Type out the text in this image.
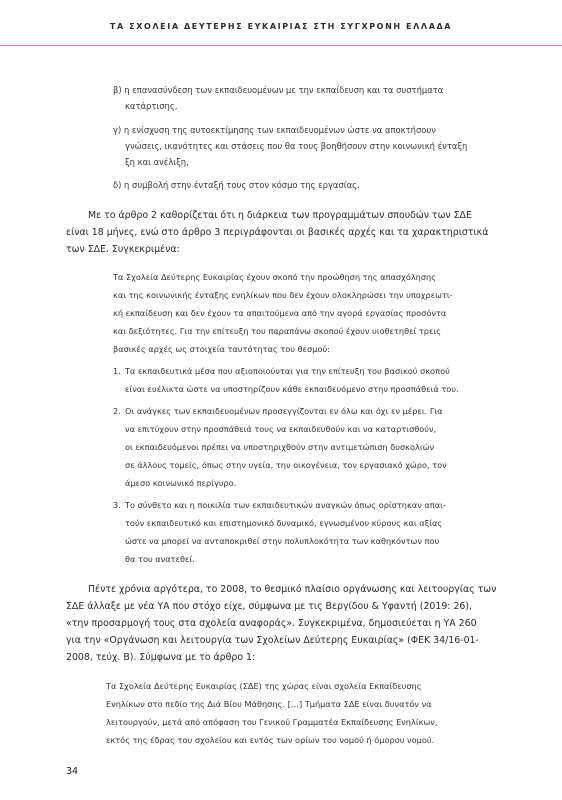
ΤΑ ΣΧΟΛΕΙΑ ΔΕΥΤΕΡΗΣ ΕΥΚΑΙΡΙΑΣ ΣΤΗ ΣΥΓΧΡΟΝΗ ΕΛΛΑΔΑ
β) η επανασύνδεση των εκπαιδευομένων με την εκπαίδευση και τα συστήματα
κατάρτισης,
γ) η ενίσχυση της αυτοεκτίμησης των εκπαιδευομένων ώστε να αποκτήσουν
γνώσεις, ικανότητες και στάσεις που θα τους βοηθήσουν στην κοινωνική ένταξη
ξη και ανέλιξη,
δ) η συμβολή στην ένταξή τους στον κόσμο της εργασίας.
Με το άρθρο 2 καθορίζεται ότι η διάρκεια των προγραμμάτων σπουδών των ΣΔΕ
είναι 18 μήνες, ενώ στο άρθρο 3 περιγράφονται οι βασικές αρχές και τα χαρακτηριστικά
των ΣΔΕ. Συγκεκριμένα:
Τα Σχολεία Δεύτερης Ευκαιρίας έχουν σκοπό την προώθηση της απασχόλησης
και της κοινωνικής ένταξης ενηλίκων που δεν έχουν ολοκληρώσει την υποχρεωτι-
κή εκπαίδευση και δεν έχουν τα απαιτούμενα από την αγορά εργασίας προσόντα
και δεξιότητες. Για την επίτευξη του παραπάνω σκοπού έχουν υιοθετηθεί τρεις
βασικές αρχές ως στοιχεία ταυτότητας του θεσμού:
1. Τα εκπαιδευτικά μέσα που αξιοποιούνται για την επίτευξη του βασικού σκοπού
είναι ευέλικτα ώστε να υποστηρίζουν κάθε εκπαιδευόμενο στην προσπάθειά του.
2. Οι ανάγκες των εκπαιδευομένων προσεγγίζονται εν όλω και όχι εν μέρει. Για
να επιτύχουν στην προσπάθειά τους να εκπαιδευθούν και να καταρτισθούν,
οι εκπαιδευόμενοι πρέπει να υποστηριχθούν στην αντιμετώπιση δυσκολιών
σε άλλους τομείς, όπως στην υγεία, την οικογένεια, τον εργασιακό χώρο, τον
άμεσο κοινωνικό περίγυρο.
3. Το σύνθετο και η ποικιλία των εκπαιδευτικών αναγκών όπως ορίστηκαν απαι-
τούν εκπαιδευτικό και επιστημονικό δυναμικό, εγνωσμένου κύρους και αξίας
ώστε να μπορεί να ανταποκριθεί στην πολυπλοκότητα των καθηκόντων που
θα του ανατεθεί.
Πέντε χρόνια αργότερα, το 2008, το θεσμικό πλαίσιο οργάνωσης και λειτουργίας των
ΣΔΕ άλλαξε με νέα ΥΑ που στόχο είχε, σύμφωνα με τις Βεργίδου & Υφαντή (2019: 26),
«την προσαρμογή τους στα σχολεία αναφοράς». Συγκεκριμένα, δημοσιεύεται η ΥΑ 260
για την «Οργάνωση και λειτουργία των Σχολείων Δεύτερης Ευκαιρίας» (ΦΕΚ 34/16-01-
2008, τεύχ. Β). Σύμφωνα με το άρθρο 1:
Τα Σχολεία Δεύτερης Ευκαιρίας (ΣΔΕ) της χώρας είναι σχολεία Εκπαίδευσης
Ενηλίκων στο πεδίο της Διά Βίου Μάθησης. […] Τμήματα ΣΔΕ είναι δυνατόν να
λειτουργούν, μετά από απόφαση του Γενικού Γραμματέα Εκπαίδευσης Ενηλίκων,
εκτός της έδρας του σχολείου και εντός των ορίων του νομού ή όμορου νομού.
34
